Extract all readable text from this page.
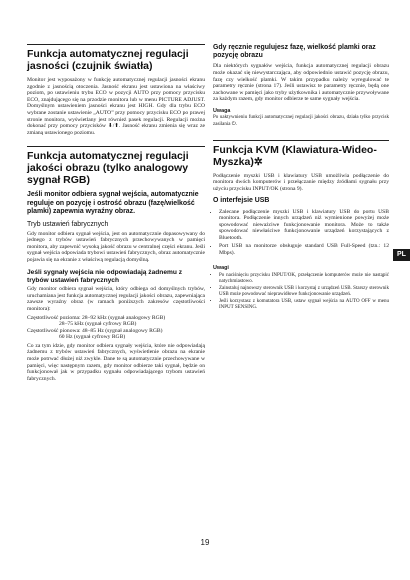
Funkcja automatycznej regulacji jasności (czujnik światła)

Monitor jest wyposażony w funkcję automatycznej regulacji jasności ekranu zgodnie z jasnością otoczenia. Jasność ekranu jest ustawiona na właściwy poziom, po ustawieniu trybu ECO w pozycji AUTO przy pomocy przycisku ECO, znajdującego się na przodzie monitora lub w menu PICTURE ADJUST. Domyślnym ustawieniem jasności ekranu jest HIGH. Gdy dla trybu ECO wybrane zostanie ustawienie „AUTO” przy pomocy przycisku ECO po prawej stronie monitora, wyświetlany jest również pasek regulacji. Regulacji można dokonać przy pomocy przycisków ⬇/⬆. Jasność ekranu zmienia się wraz ze zmianą ustawionego poziomu.

Funkcja automatycznej regulacji jakości obrazu (tylko analogowy sygnał RGB)
Jeśli monitor odbiera sygnał wejścia, automatycznie reguluje on pozycję i ostrość obrazu (fazę/wielkość plamki) zapewnia wyraźny obraz.
Tryb ustawień fabrycznych

Gdy monitor odbiera sygnał wejścia, jest on automatycznie dopasowywany do jednego z trybów ustawień fabrycznych przechowywanych w pamięci monitora, aby zapewnić wysoką jakość obrazu w centralnej części ekranu. Jeśli sygnał wejścia odpowiada trybowi ustawień fabrycznych, obraz automatycznie pojawia się na ekranie z właściwą regulacją domyślną.

Jeśli sygnały wejścia nie odpowiadają żadnemu z trybów ustawień fabrycznych

Gdy monitor odbiera sygnał wejścia, który odbiega od domyślnych trybów, uruchamiana jest funkcja automatycznej regulacji jakości obrazu, zapewniająca zawsze wyraźny obraz (w ramach poniższych zakresów częstotliwości monitora):

Częstotliwość pozioma: 28–92 kHz (sygnał analogowy RGB)

28–75 kHz (sygnał cyfrowy RGB)

Częstotliwość pionowa: 48–85 Hz (sygnał analogowy RGB)

60 Hz (sygnał cyfrowy RGB)

Co za tym idzie, gdy monitor odbiera sygnały wejścia, które nie odpowiadają żadnemu z trybów ustawień fabrycznych, wyświetlenie obrazu na ekranie może potrwać dłużej niż zwykle. Dane te są automatycznie przechowywane w pamięci, więc następnym razem, gdy monitor odbierze taki sygnał, będzie on funkcjonował jak w przypadku sygnału odpowiadającego trybom ustawień fabrycznych.

Gdy ręcznie regulujesz fazę, wielkość plamki oraz pozycję obrazu

Dla niektórych sygnałów wejścia, funkcja automatycznej regulacji obrazu może okazać się niewystarczająca, aby odpowiednio ustawić pozycję obrazu, fazę czy wielkość plamki. W takim przypadku należy wyregulować te parametry ręcznie (strona 17). Jeśli ustawisz te parametry ręcznie, będą one zachowane w pamięci jako tryby użytkownika i automatycznie przywoływane za każdym razem, gdy monitor odbierze te same sygnały wejścia.

Uwaga

Po uaktywnieniu funkcji automatycznej regulacji jakości obrazu, działa tylko przycisk zasilania ⏻.

Funkcja KVM (Klawiatura-Wideo-Myszka)✲

Podłączenie myszki USB i klawiatury USB umożliwia podłączenie do monitora dwóch komputerów i przełączanie między źródłami sygnału przy użyciu przycisku INPUT/OK (strona 9).

O interfejsie USB
• Zalecane podłączenie myszki USB i klawiatury USB do portu USB monitora. Podłączenie innych urządzeń niż wymienione powyżej może spowodować nieważciwe funkcjonowanie monitora. Może to także spowodować niewłaściwe funkcjonowanie urządzeń korzystających z Bluetooth.
• Port USB na monitorze obsługuje standard USB Full-Speed (tzn.: 12 Mbps).
Uwagi
• Po naciśnięciu przycisku INPUT/OK, przełączenie komputerów może nie nastąpić natychmiastowo.
• Zainstaluj najnowszy sterownik USB i korzystaj z urządzeń USB. Starszy sterownik USB może powodować nieprawidłowe funkcjonowanie urządzeń.
• Jeśli korzystasz z komutatora USB, ustaw sygnał wejścia na AUTO OFF w menu INPUT SENSING.
PL
19
